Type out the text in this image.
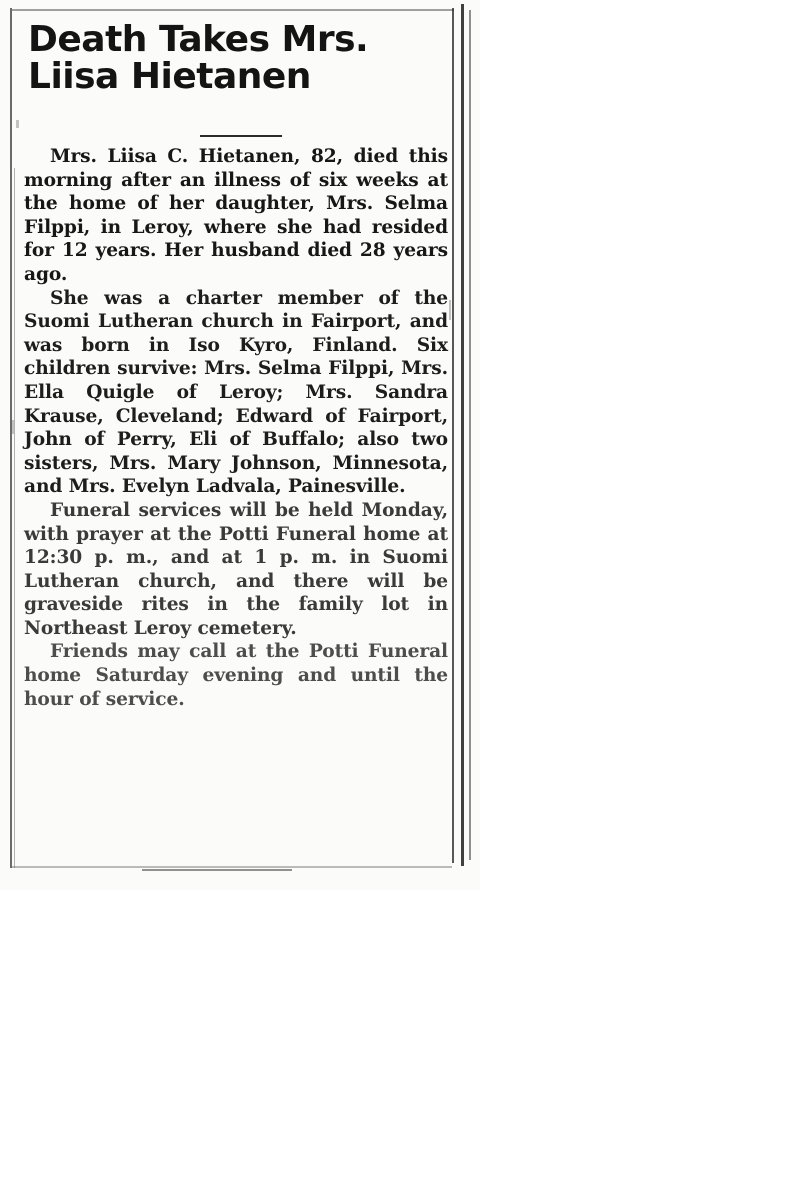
Death Takes Mrs.
Liisa Hietanen

Mrs. Liisa C. Hietanen, 82, died this morning after an illness of six weeks at the home of her daughter, Mrs. Selma Filppi, in Leroy, where she had resided for 12 years. Her husband died 28 years ago.

She was a charter member of the Suomi Lutheran church in Fairport, and was born in Iso Kyro, Finland. Six children survive: Mrs. Selma Filppi, Mrs. Ella Quigle of Leroy; Mrs. Sandra Krause, Cleveland; Edward of Fairport, John of Perry, Eli of Buffalo; also two sisters, Mrs. Mary Johnson, Minnesota, and Mrs. Evelyn Ladvala, Painesville.

Funeral services will be held Monday, with prayer at the Potti Funeral home at 12:30 p. m., and at 1 p. m. in Suomi Lutheran church, and there will be graveside rites in the family lot in Northeast Leroy cemetery.

Friends may call at the Potti Funeral home Saturday evening and until the hour of service.
